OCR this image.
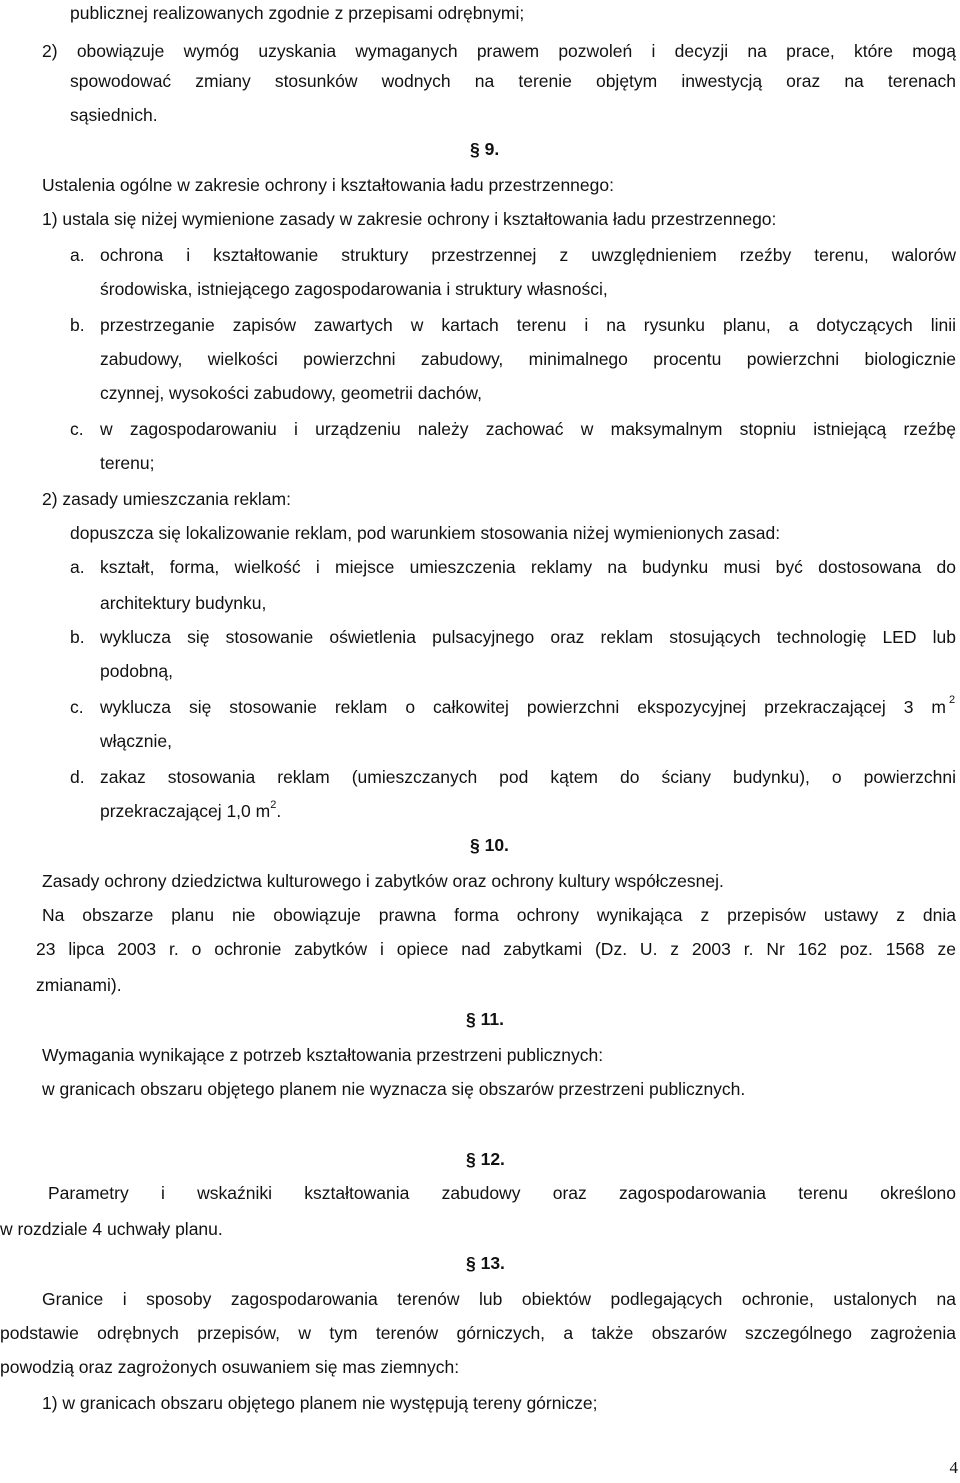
publicznej realizowanych zgodnie z przepisami odrębnymi;
2) obowiązuje wymóg uzyskania wymaganych prawem pozwoleń i decyzji na prace, które mogą
spowodować zmiany stosunków wodnych na terenie objętym inwestycją oraz na terenach
sąsiednich.
§ 9.
Ustalenia ogólne w zakresie ochrony i kształtowania ładu przestrzennego:
1) ustala się niżej wymienione zasady w zakresie ochrony i kształtowania ładu przestrzennego:
a. ochrona i kształtowanie struktury przestrzennej z uwzględnieniem rzeźby terenu, walorów
środowiska, istniejącego zagospodarowania i struktury własności,
b. przestrzeganie zapisów zawartych w kartach terenu i na rysunku planu, a dotyczących linii
zabudowy, wielkości powierzchni zabudowy, minimalnego procentu powierzchni biologicznie
czynnej, wysokości zabudowy, geometrii dachów,
c. w zagospodarowaniu i urządzeniu należy zachować w maksymalnym stopniu istniejącą rzeźbę
terenu;
2) zasady umieszczania reklam:
dopuszcza się lokalizowanie reklam, pod warunkiem stosowania niżej wymienionych zasad:
a. kształt, forma, wielkość i miejsce umieszczenia reklamy na budynku musi być dostosowana do
architektury budynku,
b. wyklucza się stosowanie oświetlenia pulsacyjnego oraz reklam stosujących technologię LED lub
podobną,
c. wyklucza się stosowanie reklam o całkowitej powierzchni ekspozycyjnej przekraczającej 3 m 2
włącznie,
d. zakaz stosowania reklam (umieszczanych pod kątem do ściany budynku), o powierzchni
przekraczającej 1,0 $m^2$.
§ 10.
Zasady ochrony dziedzictwa kulturowego i zabytków oraz ochrony kultury współczesnej.
Na obszarze planu nie obowiązuje prawna forma ochrony wynikająca z przepisów ustawy z dnia
23 lipca 2003 r. o ochronie zabytków i opiece nad zabytkami (Dz. U. z 2003 r. Nr 162 poz. 1568 ze
zmianami).
§ 11.
Wymagania wynikające z potrzeb kształtowania przestrzeni publicznych:
w granicach obszaru objętego planem nie wyznacza się obszarów przestrzeni publicznych.
§ 12.
Parametry i wskaźniki kształtowania zabudowy oraz zagospodarowania terenu określono
w rozdziale 4 uchwały planu.
§ 13.
Granice i sposoby zagospodarowania terenów lub obiektów podlegających ochronie, ustalonych na
podstawie odrębnych przepisów, w tym terenów górniczych, a także obszarów szczególnego zagrożenia
powodzią oraz zagrożonych osuwaniem się mas ziemnych:
1) w granicach obszaru objętego planem nie występują tereny górnicze;
4
